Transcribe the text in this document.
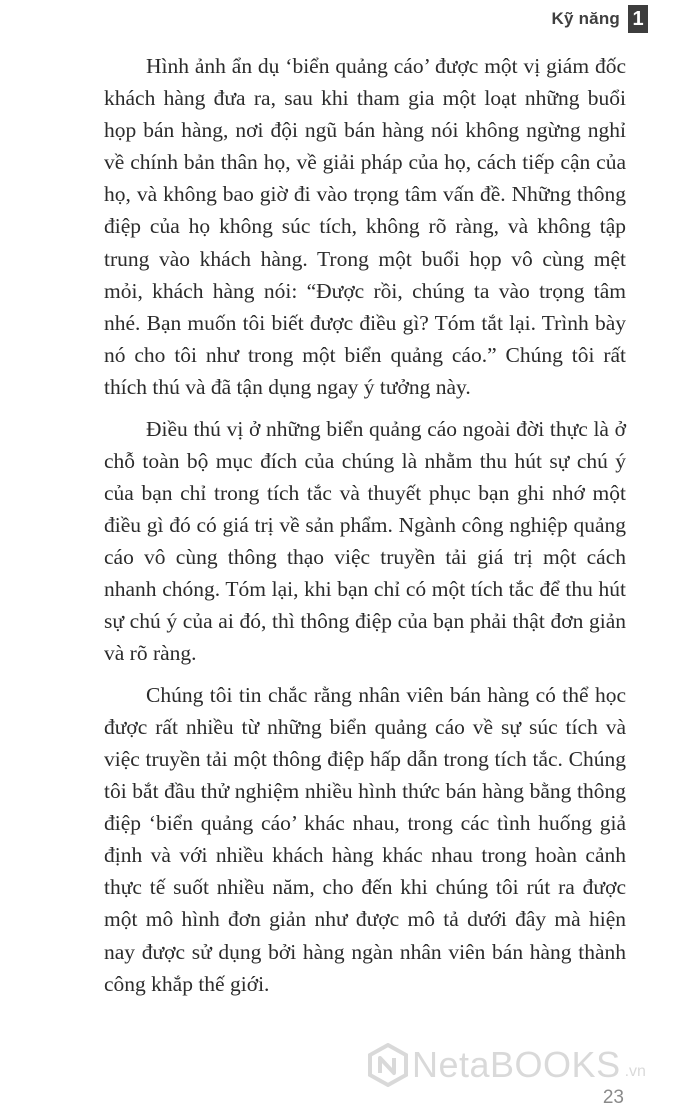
Kỹ năng 1

Hình ảnh ẩn dụ ‘biển quảng cáo’ được một vị giám đốc khách hàng đưa ra, sau khi tham gia một loạt những buổi họp bán hàng, nơi đội ngũ bán hàng nói không ngừng nghỉ về chính bản thân họ, về giải pháp của họ, cách tiếp cận của họ, và không bao giờ đi vào trọng tâm vấn đề. Những thông điệp của họ không súc tích, không rõ ràng, và không tập trung vào khách hàng. Trong một buổi họp vô cùng mệt mỏi, khách hàng nói: “Được rồi, chúng ta vào trọng tâm nhé. Bạn muốn tôi biết được điều gì? Tóm tắt lại. Trình bày nó cho tôi như trong một biển quảng cáo.” Chúng tôi rất thích thú và đã tận dụng ngay ý tưởng này.

Điều thú vị ở những biển quảng cáo ngoài đời thực là ở chỗ toàn bộ mục đích của chúng là nhằm thu hút sự chú ý của bạn chỉ trong tích tắc và thuyết phục bạn ghi nhớ một điều gì đó có giá trị về sản phẩm. Ngành công nghiệp quảng cáo vô cùng thông thạo việc truyền tải giá trị một cách nhanh chóng. Tóm lại, khi bạn chỉ có một tích tắc để thu hút sự chú ý của ai đó, thì thông điệp của bạn phải thật đơn giản và rõ ràng.

Chúng tôi tin chắc rằng nhân viên bán hàng có thể học được rất nhiều từ những biển quảng cáo về sự súc tích và việc truyền tải một thông điệp hấp dẫn trong tích tắc. Chúng tôi bắt đầu thử nghiệm nhiều hình thức bán hàng bằng thông điệp ‘biển quảng cáo’ khác nhau, trong các tình huống giả định và với nhiều khách hàng khác nhau trong hoàn cảnh thực tế suốt nhiều năm, cho đến khi chúng tôi rút ra được một mô hình đơn giản như được mô tả dưới đây mà hiện nay được sử dụng bởi hàng ngàn nhân viên bán hàng thành công khắp thế giới.

NetaBOOKS .vn
23
